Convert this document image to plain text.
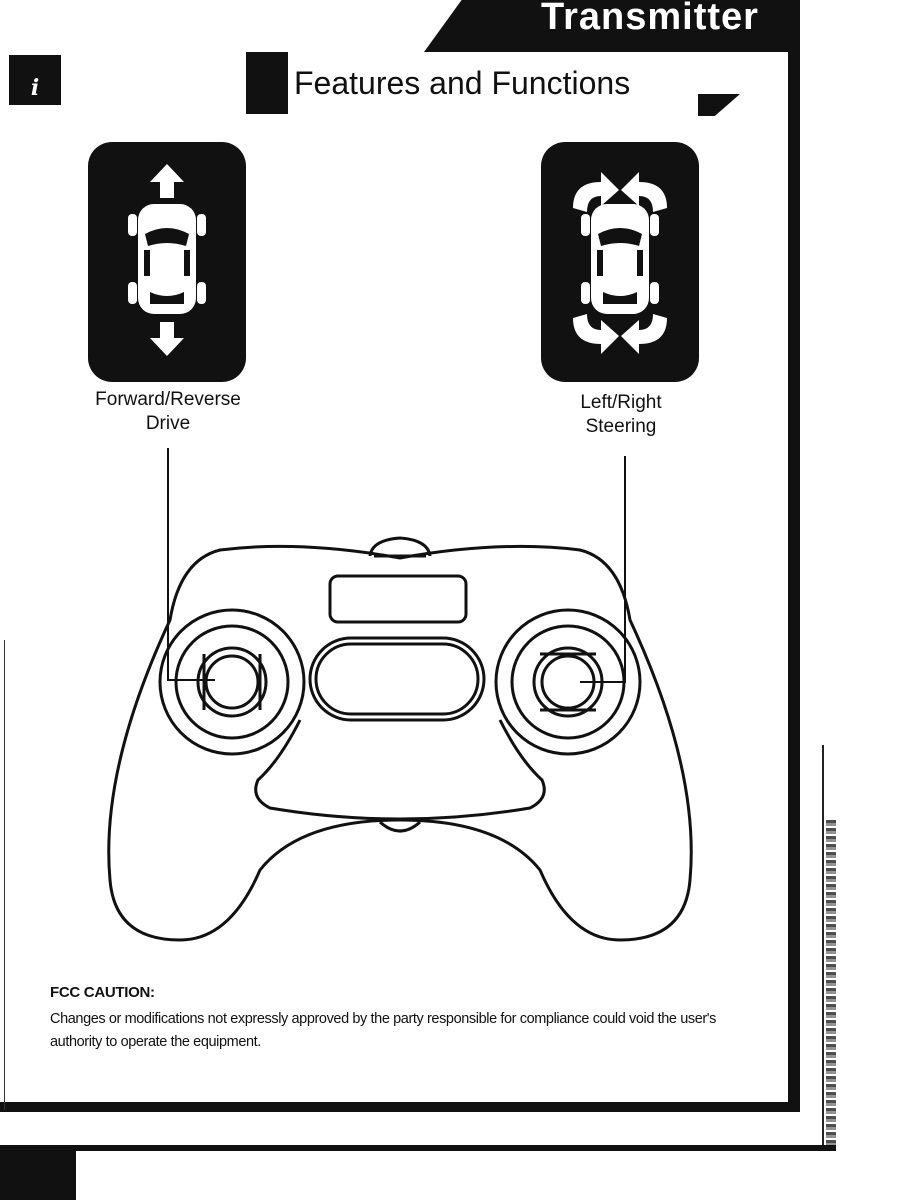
Transmitter
i	Features and Functions
Forward/Reverse
Drive
Left/Right
Steering
FCC CAUTION:
Changes or modifications not expressly approved by the party responsible for compliance could void the user's authority to operate the equipment.
